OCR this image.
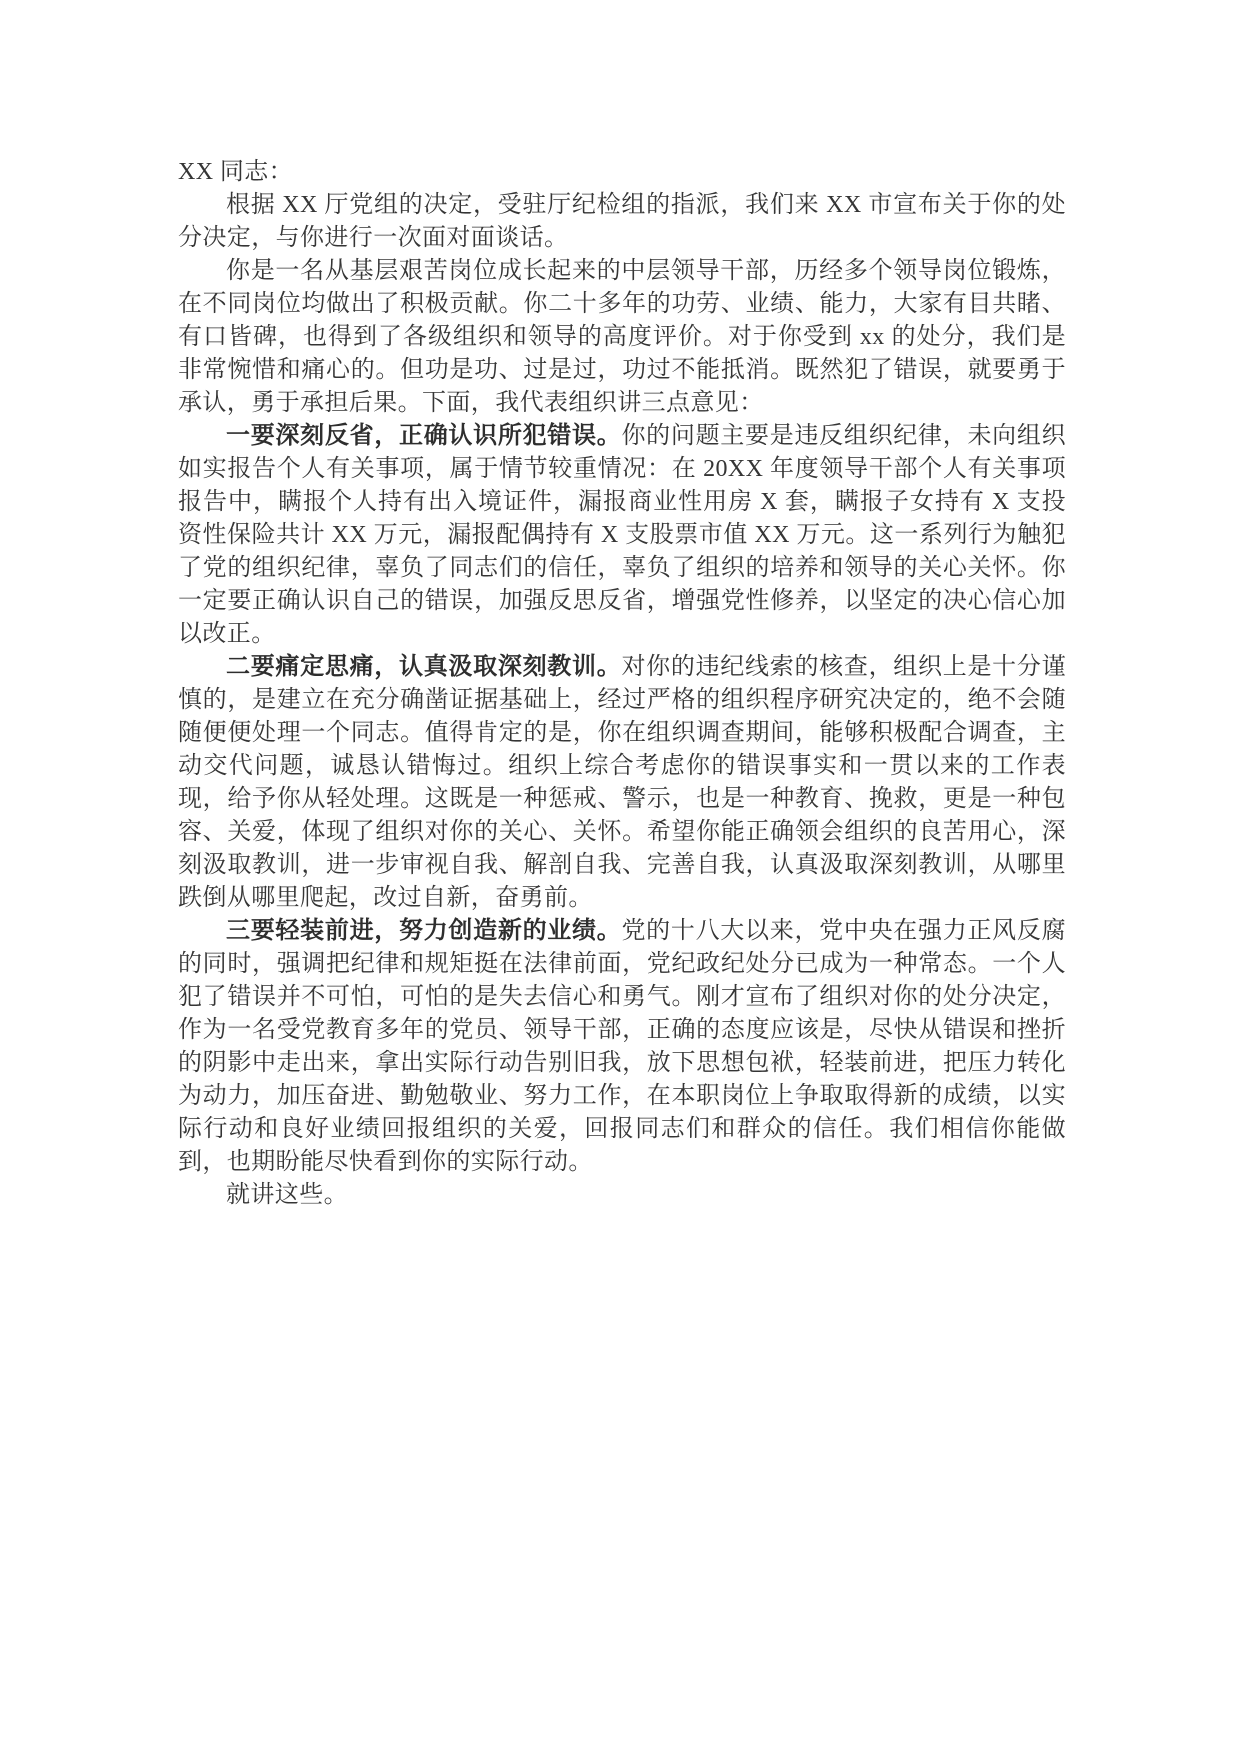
XX 同志：

根据 XX 厅党组的决定，受驻厅纪检组的指派，我们来 XX 市宣布关于你的处分决定，与你进行一次面对面谈话。

你是一名从基层艰苦岗位成长起来的中层领导干部，历经多个领导岗位锻炼，在不同岗位均做出了积极贡献。你二十多年的功劳、业绩、能力，大家有目共睹、有口皆碑，也得到了各级组织和领导的高度评价。对于你受到 xx 的处分，我们是非常惋惜和痛心的。但功是功、过是过，功过不能抵消。既然犯了错误，就要勇于承认，勇于承担后果。下面，我代表组织讲三点意见：

一要深刻反省，正确认识所犯错误。你的问题主要是违反组织纪律，未向组织如实报告个人有关事项，属于情节较重情况：在 20XX 年度领导干部个人有关事项报告中，瞒报个人持有出入境证件，漏报商业性用房 X 套，瞒报子女持有 X 支投资性保险共计 XX 万元，漏报配偶持有 X 支股票市值 XX 万元。这一系列行为触犯了党的组织纪律，辜负了同志们的信任，辜负了组织的培养和领导的关心关怀。你一定要正确认识自己的错误，加强反思反省，增强党性修养，以坚定的决心信心加以改正。

二要痛定思痛，认真汲取深刻教训。对你的违纪线索的核查，组织上是十分谨慎的，是建立在充分确凿证据基础上，经过严格的组织程序研究决定的，绝不会随随便便处理一个同志。值得肯定的是，你在组织调查期间，能够积极配合调查，主动交代问题，诚恳认错悔过。组织上综合考虑你的错误事实和一贯以来的工作表现，给予你从轻处理。这既是一种惩戒、警示，也是一种教育、挽救，更是一种包容、关爱，体现了组织对你的关心、关怀。希望你能正确领会组织的良苦用心，深刻汲取教训，进一步审视自我、解剖自我、完善自我，认真汲取深刻教训，从哪里跌倒从哪里爬起，改过自新，奋勇前。

三要轻装前进，努力创造新的业绩。党的十八大以来，党中央在强力正风反腐的同时，强调把纪律和规矩挺在法律前面，党纪政纪处分已成为一种常态。一个人犯了错误并不可怕，可怕的是失去信心和勇气。刚才宣布了组织对你的处分决定，作为一名受党教育多年的党员、领导干部，正确的态度应该是，尽快从错误和挫折的阴影中走出来，拿出实际行动告别旧我，放下思想包袱，轻装前进，把压力转化为动力，加压奋进、勤勉敬业、努力工作，在本职岗位上争取取得新的成绩，以实际行动和良好业绩回报组织的关爱，回报同志们和群众的信任。我们相信你能做到，也期盼能尽快看到你的实际行动。

就讲这些。
